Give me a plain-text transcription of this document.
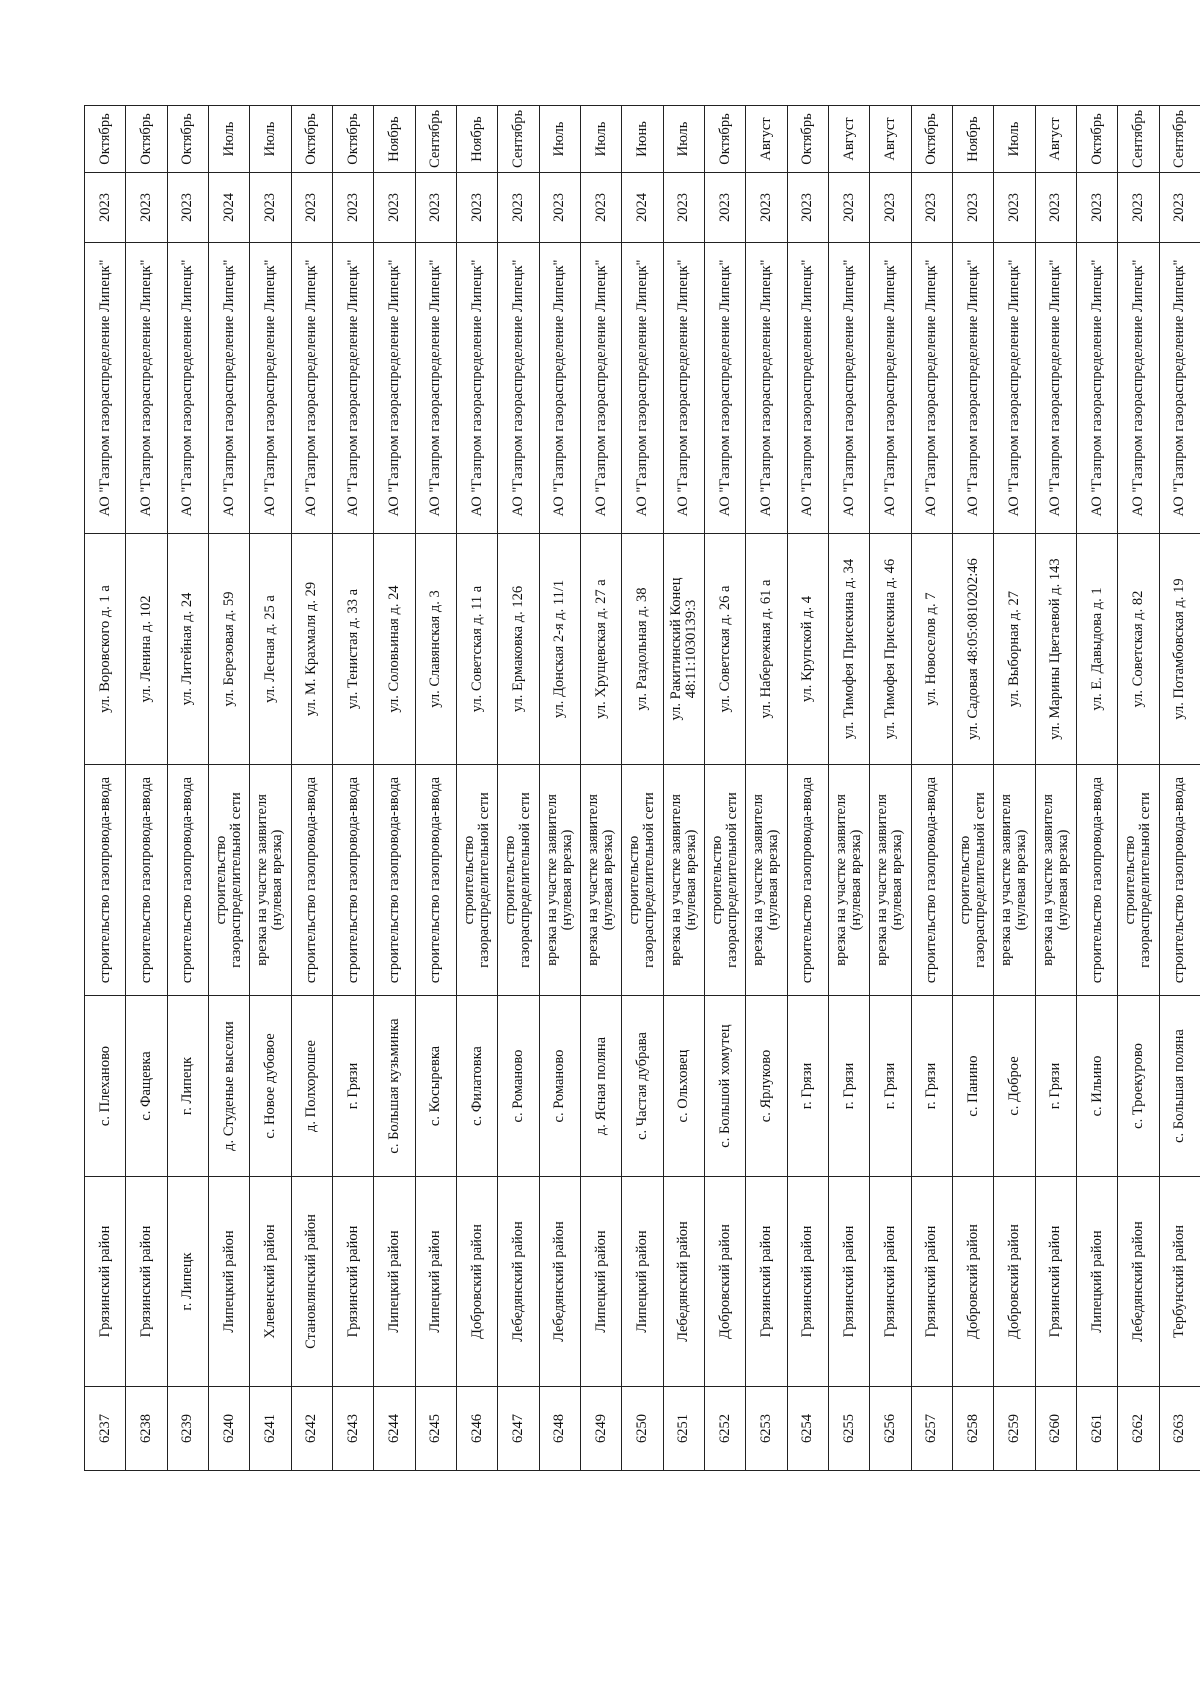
6237	Грязинский район	с. Плеханово	строительство газопровода-ввода	ул. Воровского д. 1 а	АО "Газпром газораспределение Липецк"	2023	Октябрь
6238	Грязинский район	с. Фащевка	строительство газопровода-ввода	ул. Ленина д. 102	АО "Газпром газораспределение Липецк"	2023	Октябрь
6239	г. Липецк	г. Липецк	строительство газопровода-ввода	ул. Литейная д. 24	АО "Газпром газораспределение Липецк"	2023	Октябрь
6240	Липецкий район	д. Студеные выселки	строительство газораспределительной сети	ул. Березовая д. 59	АО "Газпром газораспределение Липецк"	2024	Июль
6241	Хлевенский район	с. Новое дубовое	врезка на участке заявителя (нулевая врезка)	ул. Лесная д. 25 а	АО "Газпром газораспределение Липецк"	2023	Июль
6242	Становлянский район	д. Полхорошее	строительство газопровода-ввода	ул. М. Крахмаля д. 29	АО "Газпром газораспределение Липецк"	2023	Октябрь
6243	Грязинский район	г. Грязи	строительство газопровода-ввода	ул. Тенистая д. 33 а	АО "Газпром газораспределение Липецк"	2023	Октябрь
6244	Липецкий район	с. Большая кузьминка	строительство газопровода-ввода	ул. Соловьиная д. 24	АО "Газпром газораспределение Липецк"	2023	Ноябрь
6245	Липецкий район	с. Косыревка	строительство газопровода-ввода	ул. Славянская д. 3	АО "Газпром газораспределение Липецк"	2023	Сентябрь
6246	Добровский район	с. Филатовка	строительство газораспределительной сети	ул. Советская д. 11 а	АО "Газпром газораспределение Липецк"	2023	Ноябрь
6247	Лебедянский район	с. Романово	строительство газораспределительной сети	ул. Ермаковка д. 126	АО "Газпром газораспределение Липецк"	2023	Сентябрь
6248	Лебедянский район	с. Романово	врезка на участке заявителя (нулевая врезка)	ул. Донская 2-я д. 11/1	АО "Газпром газораспределение Липецк"	2023	Июль
6249	Липецкий район	д. Ясная поляна	врезка на участке заявителя (нулевая врезка)	ул. Хрущевская д. 27 а	АО "Газпром газораспределение Липецк"	2023	Июль
6250	Липецкий район	с. Частая дубрава	строительство газораспределительной сети	ул. Раздольная д. 38	АО "Газпром газораспределение Липецк"	2024	Июнь
6251	Лебедянский район	с. Ольховец	врезка на участке заявителя (нулевая врезка)	ул. Ракитинский Конец 48:11:1030139:3	АО "Газпром газораспределение Липецк"	2023	Июль
6252	Добровский район	с. Большой хомутец	строительство газораспределительной сети	ул. Советская д. 26 а	АО "Газпром газораспределение Липецк"	2023	Октябрь
6253	Грязинский район	с. Ярлуково	врезка на участке заявителя (нулевая врезка)	ул. Набережная д. 61 а	АО "Газпром газораспределение Липецк"	2023	Август
6254	Грязинский район	г. Грязи	строительство газопровода-ввода	ул. Крупской д. 4	АО "Газпром газораспределение Липецк"	2023	Октябрь
6255	Грязинский район	г. Грязи	врезка на участке заявителя (нулевая врезка)	ул. Тимофея Присекина д. 34	АО "Газпром газораспределение Липецк"	2023	Август
6256	Грязинский район	г. Грязи	врезка на участке заявителя (нулевая врезка)	ул. Тимофея Присекина д. 46	АО "Газпром газораспределение Липецк"	2023	Август
6257	Грязинский район	г. Грязи	строительство газопровода-ввода	ул. Новоселов д. 7	АО "Газпром газораспределение Липецк"	2023	Октябрь
6258	Добровский район	с. Панино	строительство газораспределительной сети	ул. Садовая 48:05:0810202:46	АО "Газпром газораспределение Липецк"	2023	Ноябрь
6259	Добровский район	с. Доброе	врезка на участке заявителя (нулевая врезка)	ул. Выборная д. 27	АО "Газпром газораспределение Липецк"	2023	Июль
6260	Грязинский район	г. Грязи	врезка на участке заявителя (нулевая врезка)	ул. Марины Цветаевой д. 143	АО "Газпром газораспределение Липецк"	2023	Август
6261	Липецкий район	с. Ильино	строительство газопровода-ввода	ул. Е. Давыдова д. 1	АО "Газпром газораспределение Липецк"	2023	Октябрь
6262	Лебедянский район	с. Троекурово	строительство газораспределительной сети	ул. Советская д. 82	АО "Газпром газораспределение Липецк"	2023	Сентябрь
6263	Тербунский район	с. Большая поляна	строительство газопровода-ввода	ул. Потамбовская д. 19	АО "Газпром газораспределение Липецк"	2023	Сентябрь
